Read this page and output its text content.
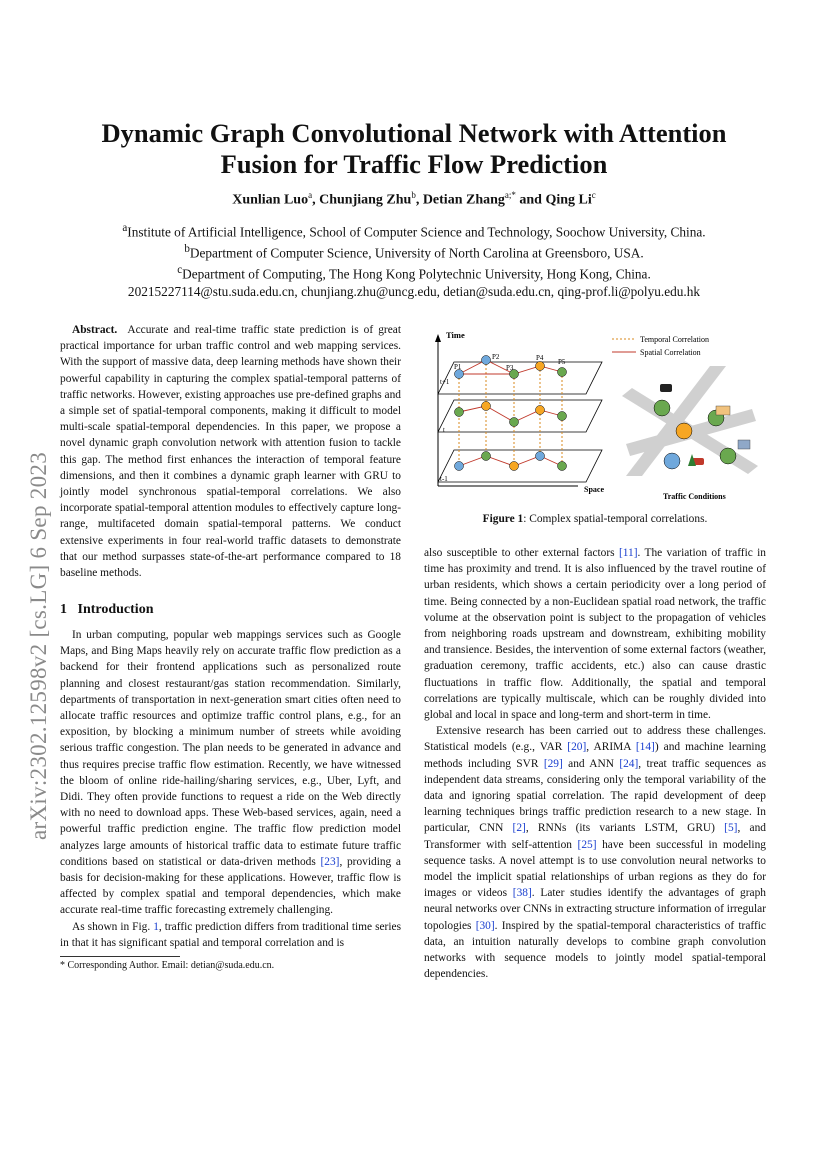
Dynamic Graph Convolutional Network with Attention
Fusion for Traffic Flow Prediction
Xunlian Luo$^a$, Chunjiang Zhu$^b$, Detian Zhang$^{a;*}$ and Qing Li$^c$
$^a$Institute of Artificial Intelligence, School of Computer Science and Technology, Soochow University, China.
$^b$Department of Computer Science, University of North Carolina at Greensboro, USA.
$^c$Department of Computing, The Hong Kong Polytechnic University, Hong Kong, China.
20215227114@stu.suda.edu.cn, chunjiang.zhu@uncg.edu, detian@suda.edu.cn, qing-prof.li@polyu.edu.hk
arXiv:2302.12598v2 [cs.LG] 6 Sep 2023

Abstract. Accurate and real-time traffic state prediction is of great practical importance for urban traffic control and web mapping services. With the support of massive data, deep learning methods have shown their powerful capability in capturing the complex spatial-temporal patterns of traffic networks. However, existing approaches use pre-defined graphs and a simple set of spatial-temporal components, making it difficult to model multi-scale spatial-temporal dependencies. In this paper, we propose a novel dynamic graph convolution network with attention fusion to tackle this gap. The method first enhances the interaction of temporal feature dimensions, and then it combines a dynamic graph learner with GRU to jointly model synchronous spatial-temporal correlations. We also incorporate spatial-temporal attention modules to effectively capture long-range, multifaceted domain spatial-temporal patterns. We conduct extensive experiments in four real-world traffic datasets to demonstrate that our method surpasses state-of-the-art performance compared to 18 baseline methods.

1 Introduction

In urban computing, popular web mappings services such as Google Maps, and Bing Maps heavily rely on accurate traffic flow prediction as a backend for their frontend applications such as personalized route planning and closest restaurant/gas station recommendation. Similarly, departments of transportation in next-generation smart cities often need to allocate traffic resources and optimize traffic control plans, e.g., for an exposition, by blocking a minimum number of streets while avoiding serious traffic congestion. The plan needs to be generated in advance and thus requires precise traffic flow estimation. Recently, we have witnessed the bloom of online ride-hailing/sharing services, e.g., Uber, Lyft, and Didi. They often provide functions to request a ride on the Web directly with no need to download apps. These Web-based services, again, need a powerful traffic prediction engine. The traffic flow prediction model analyzes large amounts of historical traffic data to estimate future traffic conditions based on statistical or data-driven methods [23], providing a basis for decision-making for these applications. However, traffic flow is affected by complex spatial and temporal dependencies, which make accurate real-time traffic forecasting extremely challenging.

As shown in Fig. 1, traffic prediction differs from traditional time series in that it has significant spatial and temporal correlation and is

* Corresponding Author. Email: detian@suda.edu.cn.
Time
Space
t+1
t
t-1
P1
P2
P3
P4 P5
Temporal Correlation
Spatial Correlation
Traffic Conditions
Figure 1: Complex spatial-temporal correlations.

also susceptible to other external factors [11]. The variation of traffic in time has proximity and trend. It is also influenced by the travel routine of urban residents, which shows a certain periodicity over a long period of time. Being connected by a non-Euclidean spatial road network, the traffic volume at the observation point is subject to the propagation of vehicles from neighboring roads upstream and downstream, exhibiting mobility and transience. Besides, the intervention of some external factors (weather, graduation ceremony, traffic accidents, etc.) also can cause drastic fluctuations in traffic flow. Additionally, the spatial and temporal correlations are typically multiscale, which can be roughly divided into global and local in space and long-term and short-term in time.

Extensive research has been carried out to address these challenges. Statistical models (e.g., VAR [20], ARIMA [14]) and machine learning methods including SVR [29] and ANN [24], treat traffic sequences as independent data streams, considering only the temporal variability of the data and ignoring spatial correlation. The rapid development of deep learning techniques brings traffic prediction research to a new stage. In particular, CNN [2], RNNs (its variants LSTM, GRU) [5], and Transformer with self-attention [25] have been successful in modeling sequence tasks. A novel attempt is to use convolution neural networks to model the implicit spatial relationships of urban regions as they do for images or videos [38]. Later studies identify the advantages of graph neural networks over CNNs in extracting structure information of irregular topologies [30]. Inspired by the spatial-temporal characteristics of traffic data, an intuition naturally develops to combine graph convolution networks with sequence models to jointly model spatial-temporal dependencies.
